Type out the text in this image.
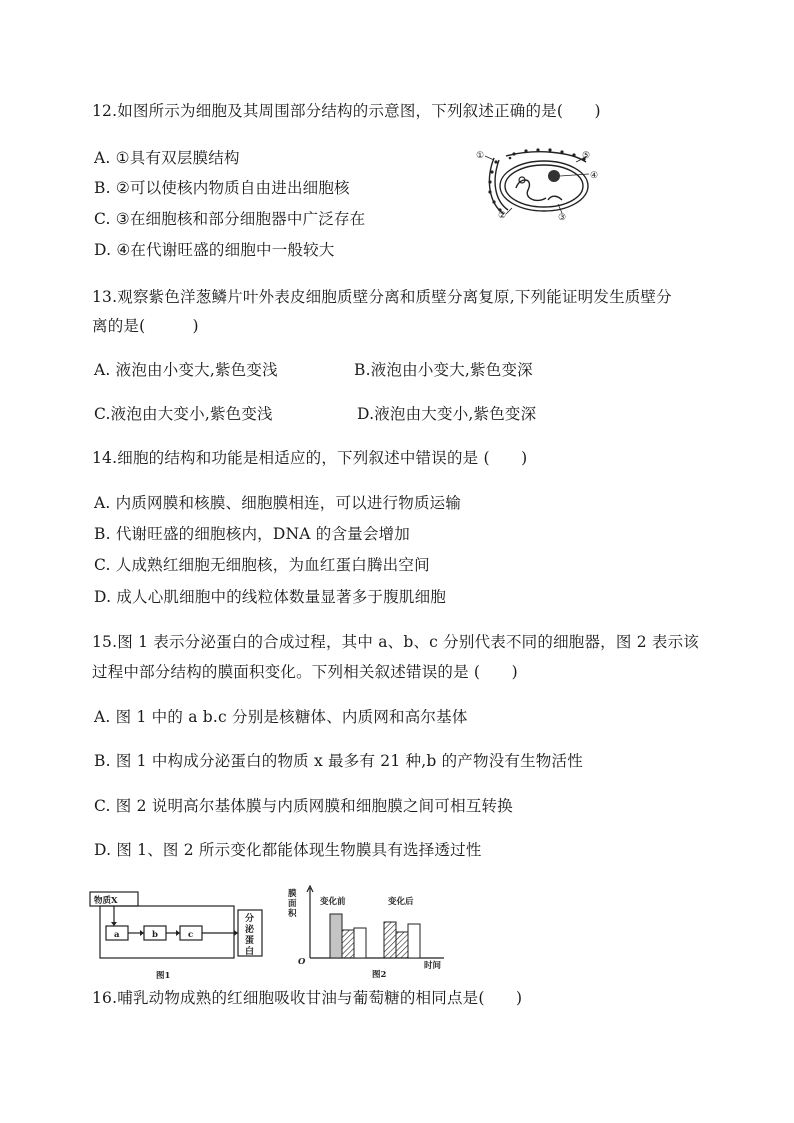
12.如图所示为细胞及其周围部分结构的示意图，下列叙述正确的是(　　)
A. ①具有双层膜结构
B. ②可以使核内物质自由进出细胞核
C. ③在细胞核和部分细胞器中广泛存在
D. ④在代谢旺盛的细胞中一般较大
①
②	③
④
⑤
13.观察紫色洋葱鳞片叶外表皮细胞质壁分离和质壁分离复原,下列能证明发生质壁分
离的是(　　　)
A. 液泡由小变大,紫色变浅	B.液泡由小变大,紫色变深
C.液泡由大变小,紫色变浅	D.液泡由大变小,紫色变深
14.细胞的结构和功能是相适应的，下列叙述中错误的是 (　　)
A. 内质网膜和核膜、细胞膜相连，可以进行物质运输
B. 代谢旺盛的细胞核内，DNA 的含量会增加
C. 人成熟红细胞无细胞核，为血红蛋白腾出空间
D. 成人心肌细胞中的线粒体数量显著多于腹肌细胞
15.图 1 表示分泌蛋白的合成过程，其中 a、b、c 分别代表不同的细胞器，图 2 表示该
过程中部分结构的膜面积变化。下列相关叙述错误的是 (　　)
A. 图 1 中的 a b.c 分别是核糖体、内质网和高尔基体
B. 图 1 中构成分泌蛋白的物质 x 最多有 21 种,b 的产物没有生物活性
C. 图 2 说明高尔基体膜与内质网膜和细胞膜之间可相互转换
D. 图 1、图 2 所示变化都能体现生物膜具有选择透过性
物质X
a	b	c
分
泌
蛋
白
图1
膜
面
积
变化前	变化后
O	时间
图2
16.哺乳动物成熟的红细胞吸收甘油与葡萄糖的相同点是(　　)
